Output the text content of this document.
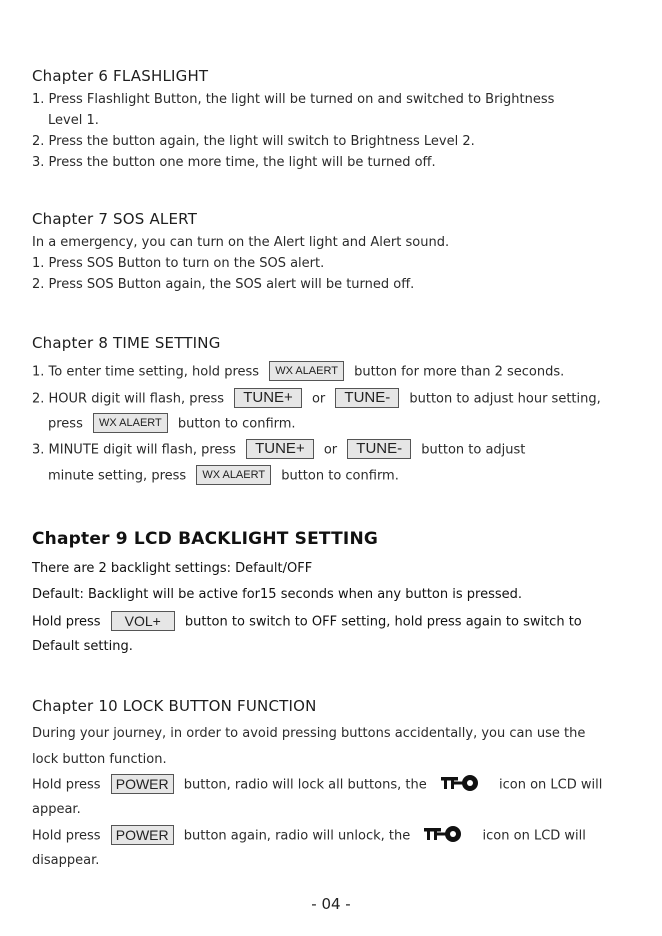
Chapter 6 FLASHLIGHT
1. Press Flashlight Button, the light will be turned on and switched to Brightness
Level 1.
2. Press the button again, the light will switch to Brightness Level 2.
3. Press the button one more time, the light will be turned off.
Chapter 7 SOS ALERT
In a emergency, you can turn on the Alert light and Alert sound.
1. Press SOS Button to turn on the SOS alert.
2. Press SOS Button again, the SOS alert will be turned off.
Chapter 8 TIME SETTING
1. To enter time setting, hold press WX ALAERT button for more than 2 seconds.
2. HOUR digit will flash, press TUNE+ or TUNE- button to adjust hour setting,
press WX ALAERT button to confirm.
3. MINUTE digit will flash, press TUNE+ or TUNE- button to adjust
minute setting, press WX ALAERT button to confirm.
Chapter 9 LCD BACKLIGHT SETTING
There are 2 backlight settings: Default/OFF
Default: Backlight will be active for15 seconds when any button is pressed.
Hold press VOL+ button to switch to OFF setting, hold press again to switch to
Default setting.
Chapter 10 LOCK BUTTON FUNCTION
During your journey, in order to avoid pressing buttons accidentally, you can use the
lock button function.
Hold press POWER button, radio will lock all buttons, the	icon on LCD will
appear.
Hold press POWER button again, radio will unlock, the	icon on LCD will
disappear.
- 04 -
